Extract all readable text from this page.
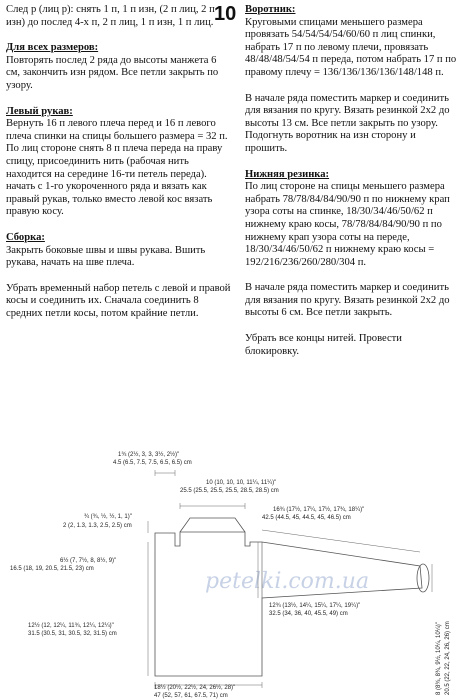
10

След р (лиц р): снять 1 п, 1 п изн, (2 п лиц, 2 п изн) до послед 4-х п, 2 п лиц, 1 п изн, 1 п лиц.

Для всех размеров:
Повторять послед 2 ряда до высоты манжета 6 см, закончить изн рядом. Все петли закрыть по узору.

Левый рукав:
Вернуть 16 п левого плеча перед и 16 п левого плеча спинки на спицы большего размера = 32 п. По лиц стороне снять 8 п плеча переда на праву спицу, присоединить нить (рабочая нить находится на середине 16-ти петель переда). начать с 1-го укороченного ряда и вязать как правый рукав, только вместо левой кос вязать правую косу.

Сборка:
Закрыть боковые швы и швы рукава. Вшить рукава, начать на шве плеча.

Убрать временный набор петель с левой и правой косы и соединить их. Сначала соединить 8 средних петли косы, потом крайние петли.

Воротник:
Круговыми спицами меньшего размера провязать 54/54/54/54/60/60 п лиц спинки, набрать 17 п по левому плечи, провязать 48/48/48/54/54 п переда, потом набрать 17 п по правому плечу = 136/136/136/136/148/148 п.

В начале ряда поместить маркер и соединить для вязания по кругу. Вязать резинкой 2x2 до высоты 13 см. Все петли закрыть по узору. Подогнуть воротник на изн сторону и прошить.

Нижняя резинка:
По лиц стороне на спицы меньшего размера набрать 78/78/84/84/90/90 п по нижнему крап узора соты на спинке, 18/30/34/46/50/62 п нижнему краю косы, 78/78/84/84/90/90 п по нижнему крап узора соты на переде, 18/30/34/46/50/62 п нижнему краю косы = 192/216/236/260/280/304 п.

В начале ряда поместить маркер и соединить для вязания по кругу. Вязать резинкой 2x2 до высоты 6 см. Все петли закрыть.

Убрать все концы нитей. Провести блокировку.

petelki.com.ua
1¾ (2½, 3, 3, 3½, 2½)"
4.5 (6.5, 7.5, 7.5, 6.5, 6.5) cm
10 (10, 10, 10, 11¼, 11¼)"
25.5 (25.5, 25.5, 25.5, 28.5, 28.5) cm
¾ (¾, ½, ½, 1, 1)"
2 (2, 1.3, 1.3, 2.5, 2.5) cm
16¾ (17½, 17¼, 17½, 17¾, 18¼)"
42.5 (44.5, 45, 44.5, 45, 46.5) cm
6½ (7, 7½, 8, 8½, 9)"
16.5 (18, 19, 20.5, 21.5, 23) cm
12¾ (13½, 14¼, 15¼, 17¼, 19¼)"
32.5 (34, 36, 40, 45.5, 49) cm
12½ (12, 12¼, 11¾, 12¼, 12¼)"
31.5 (30.5, 31, 30.5, 32, 31.5) cm	8 (8¾, 8¾, 9½, 10¼, 10¼)" 20.5 (22, 22, 24, 26, 26) cm
18½ (20½, 22½, 24, 26½, 28)"
47 (52, 57, 61, 67.5, 71) cm
